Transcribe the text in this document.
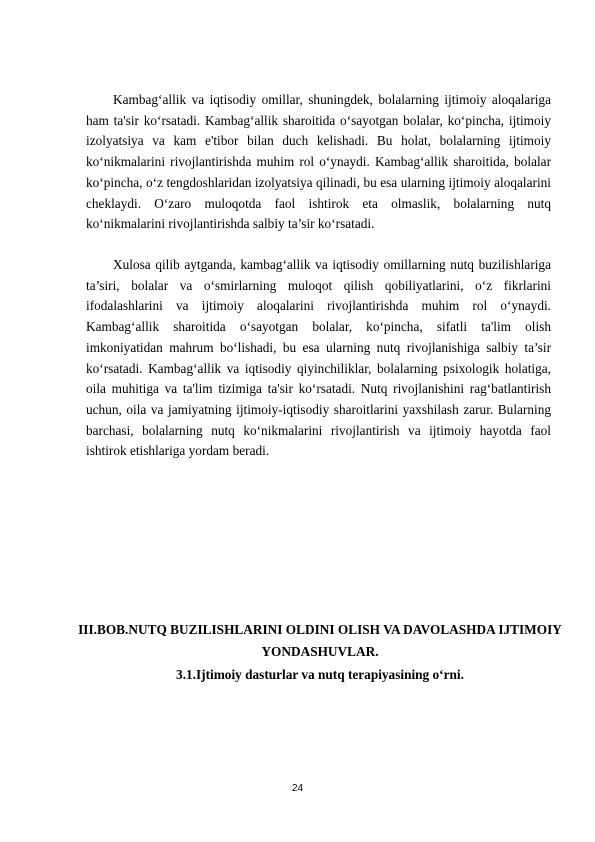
Kambag‘allik va iqtisodiy omillar, shuningdek, bolalarning ijtimoiy aloqalariga ham ta'sir ko‘rsatadi. Kambag‘allik sharoitida o‘sayotgan bolalar, ko‘pincha, ijtimoiy izolyatsiya va kam e'tibor bilan duch kelishadi. Bu holat, bolalarning ijtimoiy ko‘nikmalarini rivojlantirishda muhim rol o‘ynaydi. Kambag‘allik sharoitida, bolalar ko‘pincha, o‘z tengdoshlaridan izolyatsiya qilinadi, bu esa ularning ijtimoiy aloqalarini cheklaydi. O‘zaro muloqotda faol ishtirok eta olmaslik, bolalarning nutq ko‘nikmalarini rivojlantirishda salbiy ta’sir ko‘rsatadi.

Xulosa qilib aytganda, kambag‘allik va iqtisodiy omillarning nutq buzilishlariga ta’siri, bolalar va o‘smirlarning muloqot qilish qobiliyatlarini, o‘z fikrlarini ifodalashlarini va ijtimoiy aloqalarini rivojlantirishda muhim rol o‘ynaydi. Kambag‘allik sharoitida o‘sayotgan bolalar, ko‘pincha, sifatli ta'lim olish imkoniyatidan mahrum bo‘lishadi, bu esa ularning nutq rivojlanishiga salbiy ta’sir ko‘rsatadi. Kambag‘allik va iqtisodiy qiyinchiliklar, bolalarning psixologik holatiga, oila muhitiga va ta'lim tizimiga ta'sir ko‘rsatadi. Nutq rivojlanishini rag‘batlantirish uchun, oila va jamiyatning ijtimoiy-iqtisodiy sharoitlarini yaxshilash zarur. Bularning barchasi, bolalarning nutq ko‘nikmalarini rivojlantirish va ijtimoiy hayotda faol ishtirok etishlariga yordam beradi.

III.BOB.NUTQ BUZILISHLARINI OLDINI OLISH VA DAVOLASHDA IJTIMOIY YONDASHUVLAR.
3.1.Ijtimoiy dasturlar va nutq terapiyasining o‘rni.
24
